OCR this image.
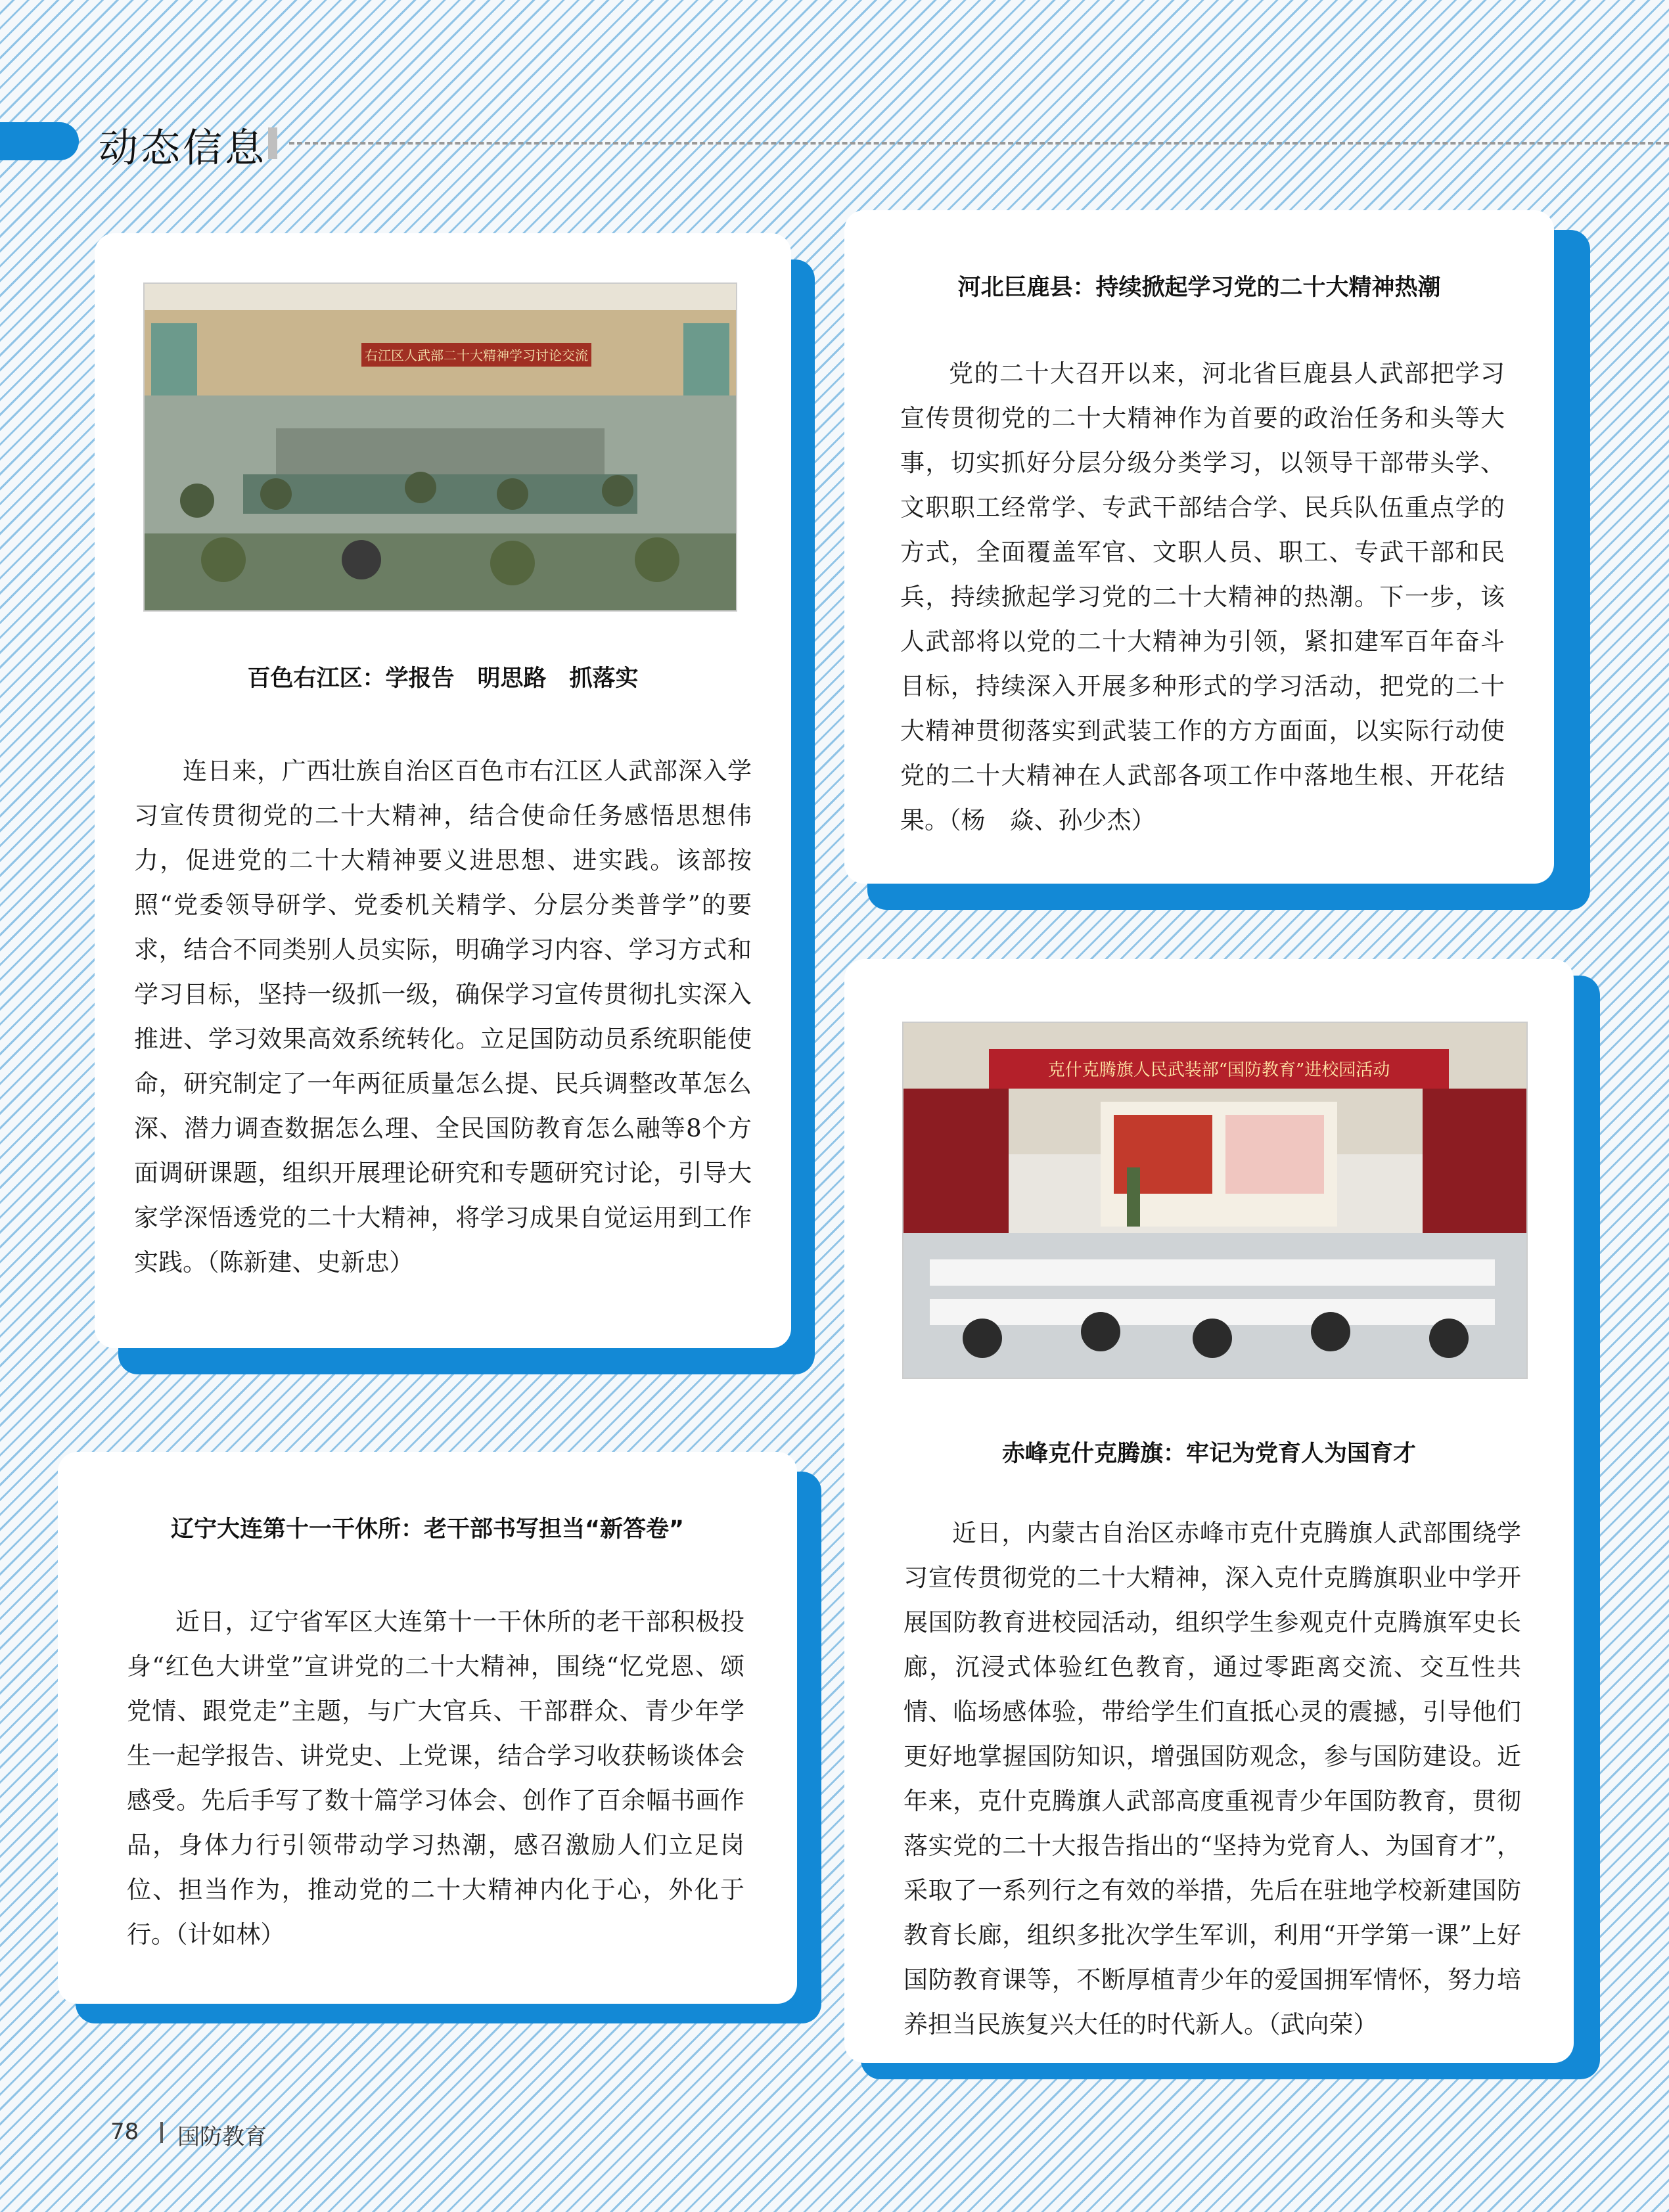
动态信息
右江区人武部二十大精神学习讨论交流
百色右江区：学报告　明思路　抓落实

连日来，广西壮族自治区百色市右江区人武部深入学习宣传贯彻党的二十大精神，结合使命任务感悟思想伟力，促进党的二十大精神要义进思想、进实践。该部按照“党委领导研学、党委机关精学、分层分类普学”的要求，结合不同类别人员实际，明确学习内容、学习方式和学习目标，坚持一级抓一级，确保学习宣传贯彻扎实深入推进、学习效果高效系统转化。立足国防动员系统职能使命，研究制定了一年两征质量怎么提、民兵调整改革怎么深、潜力调查数据怎么理、全民国防教育怎么融等8个方面调研课题，组织开展理论研究和专题研究讨论，引导大家学深悟透党的二十大精神，将学习成果自觉运用到工作实践。（陈新建、史新忠）

河北巨鹿县：持续掀起学习党的二十大精神热潮

党的二十大召开以来，河北省巨鹿县人武部把学习宣传贯彻党的二十大精神作为首要的政治任务和头等大事，切实抓好分层分级分类学习，以领导干部带头学、文职职工经常学、专武干部结合学、民兵队伍重点学的方式，全面覆盖军官、文职人员、职工、专武干部和民兵，持续掀起学习党的二十大精神的热潮。下一步，该人武部将以党的二十大精神为引领，紧扣建军百年奋斗目标，持续深入开展多种形式的学习活动，把党的二十大精神贯彻落实到武装工作的方方面面，以实际行动使党的二十大精神在人武部各项工作中落地生根、开花结果。（杨　焱、孙少杰）

克什克腾旗人民武装部“国防教育”进校园活动
赤峰克什克腾旗：牢记为党育人为国育才

近日，内蒙古自治区赤峰市克什克腾旗人武部围绕学习宣传贯彻党的二十大精神，深入克什克腾旗职业中学开展国防教育进校园活动，组织学生参观克什克腾旗军史长廊，沉浸式体验红色教育，通过零距离交流、交互性共情、临场感体验，带给学生们直抵心灵的震撼，引导他们更好地掌握国防知识，增强国防观念，参与国防建设。近年来，克什克腾旗人武部高度重视青少年国防教育，贯彻落实党的二十大报告指出的“坚持为党育人、为国育才”，采取了一系列行之有效的举措，先后在驻地学校新建国防教育长廊，组织多批次学生军训，利用“开学第一课”上好国防教育课等，不断厚植青少年的爱国拥军情怀，努力培养担当民族复兴大任的时代新人。（武向荣）

辽宁大连第十一干休所：老干部书写担当“新答卷”

近日，辽宁省军区大连第十一干休所的老干部积极投身“红色大讲堂”宣讲党的二十大精神，围绕“忆党恩、颂党情、跟党走”主题，与广大官兵、干部群众、青少年学生一起学报告、讲党史、上党课，结合学习收获畅谈体会感受。先后手写了数十篇学习体会、创作了百余幅书画作品，身体力行引领带动学习热潮，感召激励人们立足岗位、担当作为，推动党的二十大精神内化于心，外化于行。（计如林）

78 国防教育
